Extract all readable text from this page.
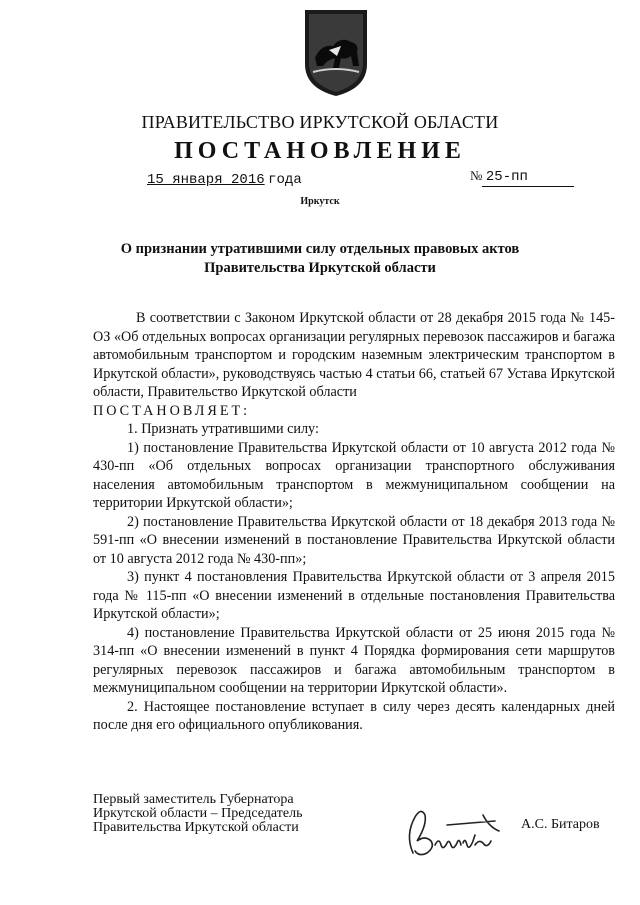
ПРАВИТЕЛЬСТВО ИРКУТСКОЙ ОБЛАСТИ
ПОСТАНОВЛЕНИЕ
15 января 2016 года	№ 25-пп
Иркутск
О признании утратившими силу отдельных правовых актов
Правительства Иркутской области

В соответствии с Законом Иркутской области от 28 декабря 2015 года № 145-ОЗ «Об отдельных вопросах организации регулярных перевозок пассажиров и багажа автомобильным транспортом и городским наземным электрическим транспортом в Иркутской области», руководствуясь частью 4 статьи 66, статьей 67 Устава Иркутской области, Правительство Иркутской области

ПОСТАНОВЛЯЕТ:

1. Признать утратившими силу:

1) постановление Правительства Иркутской области от 10 августа 2012 года № 430-пп «Об отдельных вопросах организации транспортного обслуживания населения автомобильным транспортом в межмуниципальном сообщении на территории Иркутской области»;

2) постановление Правительства Иркутской области от 18 декабря 2013 года № 591-пп «О внесении изменений в постановление Правительства Иркутской области от 10 августа 2012 года № 430-пп»;

3) пункт 4 постановления Правительства Иркутской области от 3 апреля 2015 года № 115-пп «О внесении изменений в отдельные постановления Правительства Иркутской области»;

4) постановление Правительства Иркутской области от 25 июня 2015 года № 314-пп «О внесении изменений в пункт 4 Порядка формирования сети маршрутов регулярных перевозок пассажиров и багажа автомобильным транспортом в межмуниципальном сообщении на территории Иркутской области».

2. Настоящее постановление вступает в силу через десять календарных дней после дня его официального опубликования.

Первый заместитель Губернатора
Иркутской области – Председатель
Правительства Иркутской области	А.С. Битаров
